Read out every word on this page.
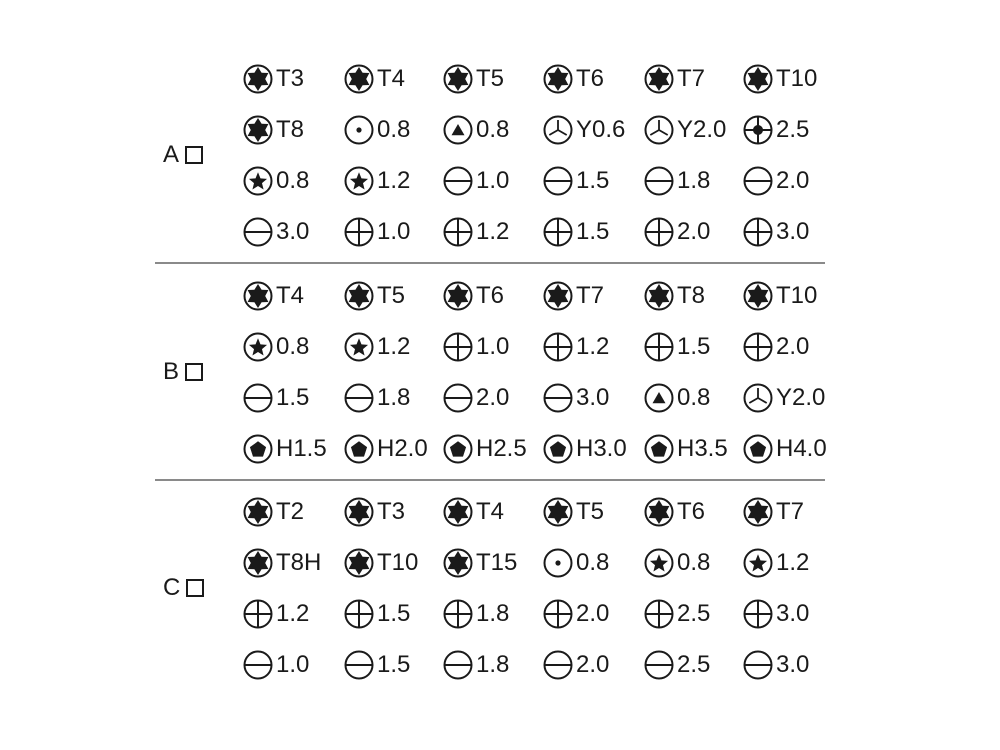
A
T3	T4	T5	T6	T7	T10
T8	0.8	0.8	Y0.6 Y2.0 2.5
0.8	1.2	1.0	1.5	1.8	2.0
3.0	1.0	1.2	1.5	2.0	3.0
B
T4	T5	T6	T7	T8	T10
0.8	1.2	1.0	1.2	1.5	2.0
1.5	1.8	2.0	3.0	0.8	Y2.0
H1.5 H2.0 H2.5 H3.0 H3.5 H4.0
C
T2	T3	T4	T5	T6	T7
T8H T10 T15 0.8	0.8	1.2
1.2	1.5	1.8	2.0	2.5	3.0
1.0	1.5	1.8	2.0	2.5	3.0
